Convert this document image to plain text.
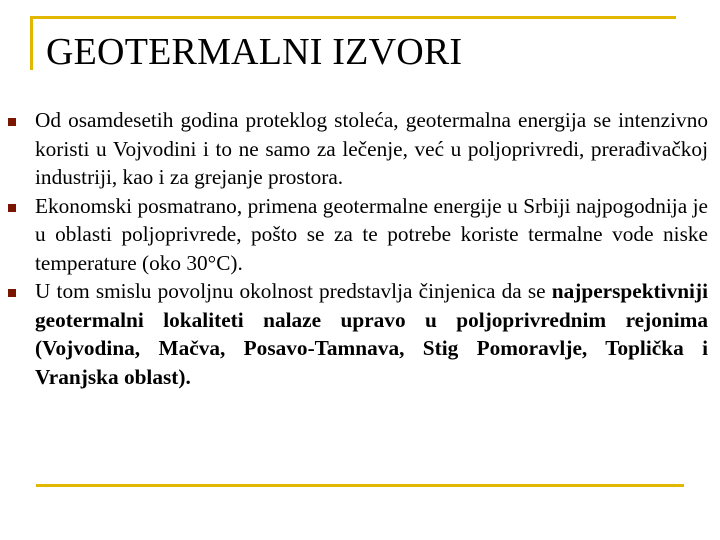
GEOTERMALNI IZVORI
Od osamdesetih godina proteklog stoleća, geotermalna energija se intenzivno koristi u Vojvodini i to ne samo za lečenje, već u poljoprivredi, prerađivačkoj industriji, kao i za grejanje prostora.
Ekonomski posmatrano, primena geotermalne energije u Srbiji najpogodnija je u oblasti poljoprivrede, pošto se za te potrebe koriste termalne vode niske temperature (oko 30°C).
U tom smislu povoljnu okolnost predstavlja činjenica da se najperspektivniji geotermalni lokaliteti nalaze upravo u poljoprivrednim rejonima (Vojvodina, Mačva, Posavo-Tamnava, Stig Pomoravlje, Toplička i Vranjska oblast).
